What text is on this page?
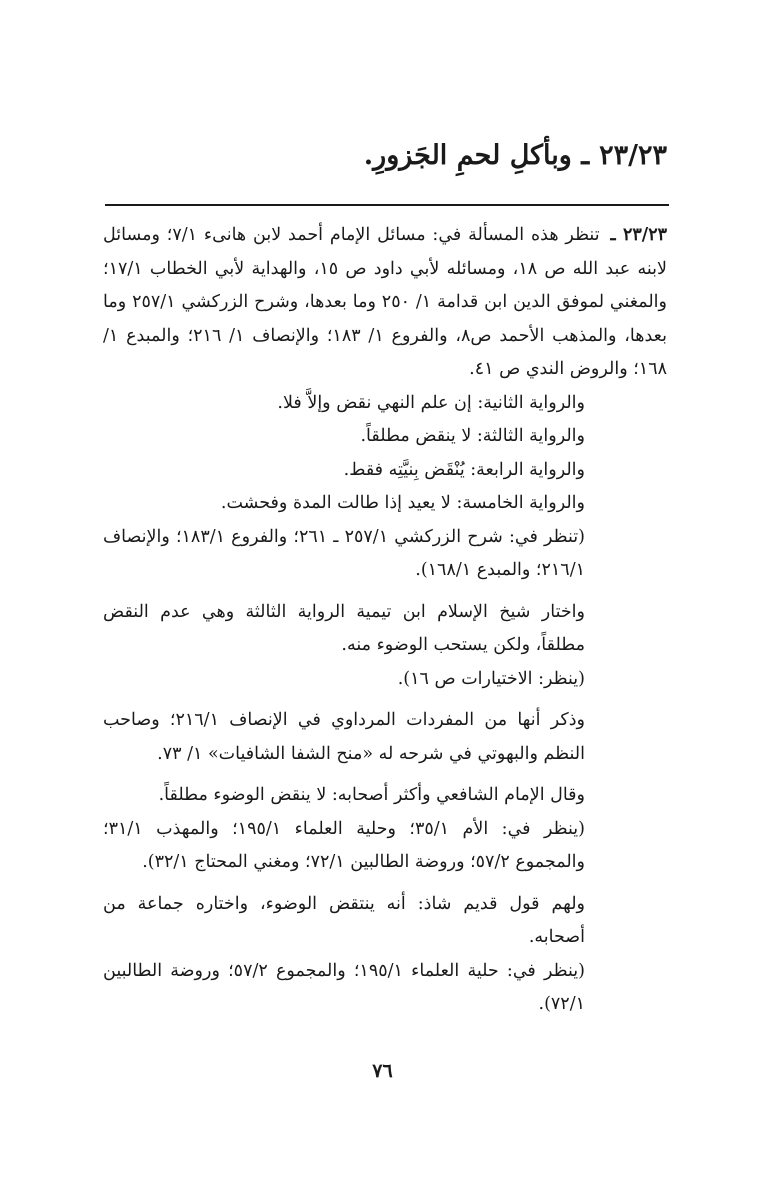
٢٣/٢٣ـ وبأكلِ لحمِ الجَزورِ.

٢٣/٢٣ ـ تنظر هذه المسألة في: مسائل الإمام أحمد لابن هانىء ٧/١؛ ومسائل لابنه عبد الله ص ١٨، ومسائله لأبي داود ص ١٥، والهداية لأبي الخطاب ١٧/١؛ والمغني لموفق الدين ابن قدامة ١/ ٢٥٠ وما بعدها، وشرح الزركشي ٢٥٧/١ وما بعدها، والمذهب الأحمد ص٨، والفروع ١/ ١٨٣؛ والإنصاف ١/ ٢١٦؛ والمبدع ١/ ١٦٨؛ والروض الندي ص ٤١.

والرواية الثانية: إن علم النهي نقض وإلاَّ فلا.

والرواية الثالثة: لا ينقض مطلقاً.

والرواية الرابعة: يُنْقَض بِنيَّتِه فقط.

والرواية الخامسة: لا يعيد إذا طالت المدة وفحشت.

(تنظر في: شرح الزركشي ٢٥٧/١ ـ ٢٦١؛ والفروع ١٨٣/١؛ والإنصاف ٢١٦/١؛ والمبدع ١٦٨/١).

واختار شيخ الإسلام ابن تيمية الرواية الثالثة وهي عدم النقض مطلقاً، ولكن يستحب الوضوء منه.

(ينظر: الاختيارات ص ١٦).

وذكر أنها من المفردات المرداوي في الإنصاف ٢١٦/١؛ وصاحب النظم والبهوتي في شرحه له «منح الشفا الشافيات» ١/ ٧٣.

وقال الإمام الشافعي وأكثر أصحابه: لا ينقض الوضوء مطلقاً.

(ينظر في: الأم ٣٥/١؛ وحلية العلماء ١٩٥/١؛ والمهذب ٣١/١؛ والمجموع ٥٧/٢؛ وروضة الطالبين ٧٢/١؛ ومغني المحتاج ٣٢/١).

ولهم قول قديم شاذ: أنه ينتقض الوضوء، واختاره جماعة من أصحابه.

(ينظر في: حلية العلماء ١٩٥/١؛ والمجموع ٥٧/٢؛ وروضة الطالبين ٧٢/١).

٧٦
